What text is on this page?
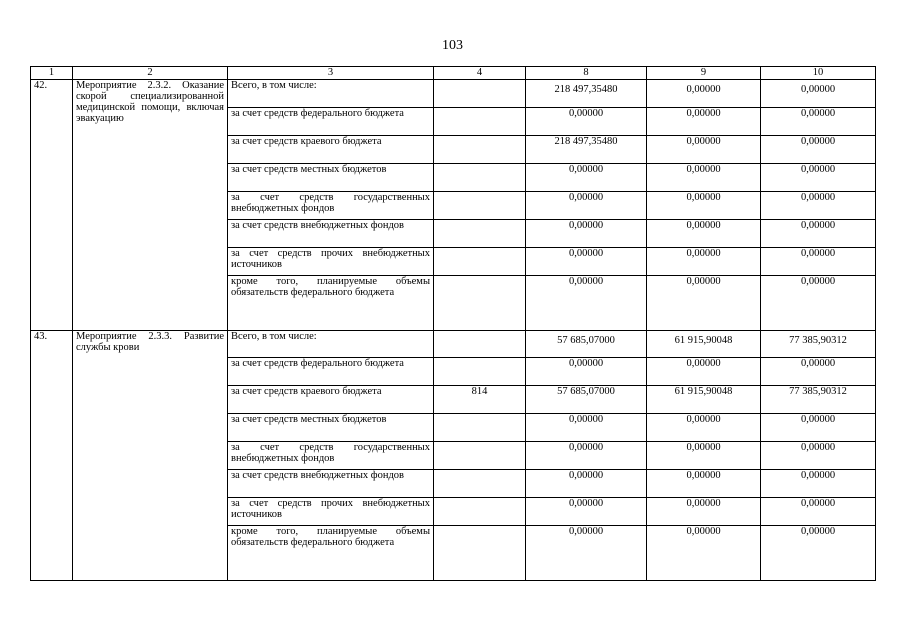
103
1	2	3	4	8	9	10
42.	Мероприятие 2.3.2. Оказание скорой специализированной медицинской помощи, включая эвакуацию	Всего, в том числе:		218 497,35480	0,00000	0,00000
		за счет средств федерального бюджета		0,00000	0,00000	0,00000
		за счет средств краевого бюджета		218 497,35480	0,00000	0,00000
		за счет средств местных бюджетов		0,00000	0,00000	0,00000
		за счет средств государственных внебюджетных фондов		0,00000	0,00000	0,00000
		за счет средств внебюджетных фондов		0,00000	0,00000	0,00000
		за счет средств прочих внебюджетных источников		0,00000	0,00000	0,00000
		кроме того, планируемые объемы обязательств федерального бюджета		0,00000	0,00000	0,00000
43.	Мероприятие 2.3.3. Развитие службы крови	Всего, в том числе:		57 685,07000	61 915,90048	77 385,90312
		за счет средств федерального бюджета		0,00000	0,00000	0,00000
		за счет средств краевого бюджета	814	57 685,07000	61 915,90048	77 385,90312
		за счет средств местных бюджетов		0,00000	0,00000	0,00000
		за счет средств государственных внебюджетных фондов		0,00000	0,00000	0,00000
		за счет средств внебюджетных фондов		0,00000	0,00000	0,00000
		за счет средств прочих внебюджетных источников		0,00000	0,00000	0,00000
		кроме того, планируемые объемы обязательств федерального бюджета		0,00000	0,00000	0,00000
